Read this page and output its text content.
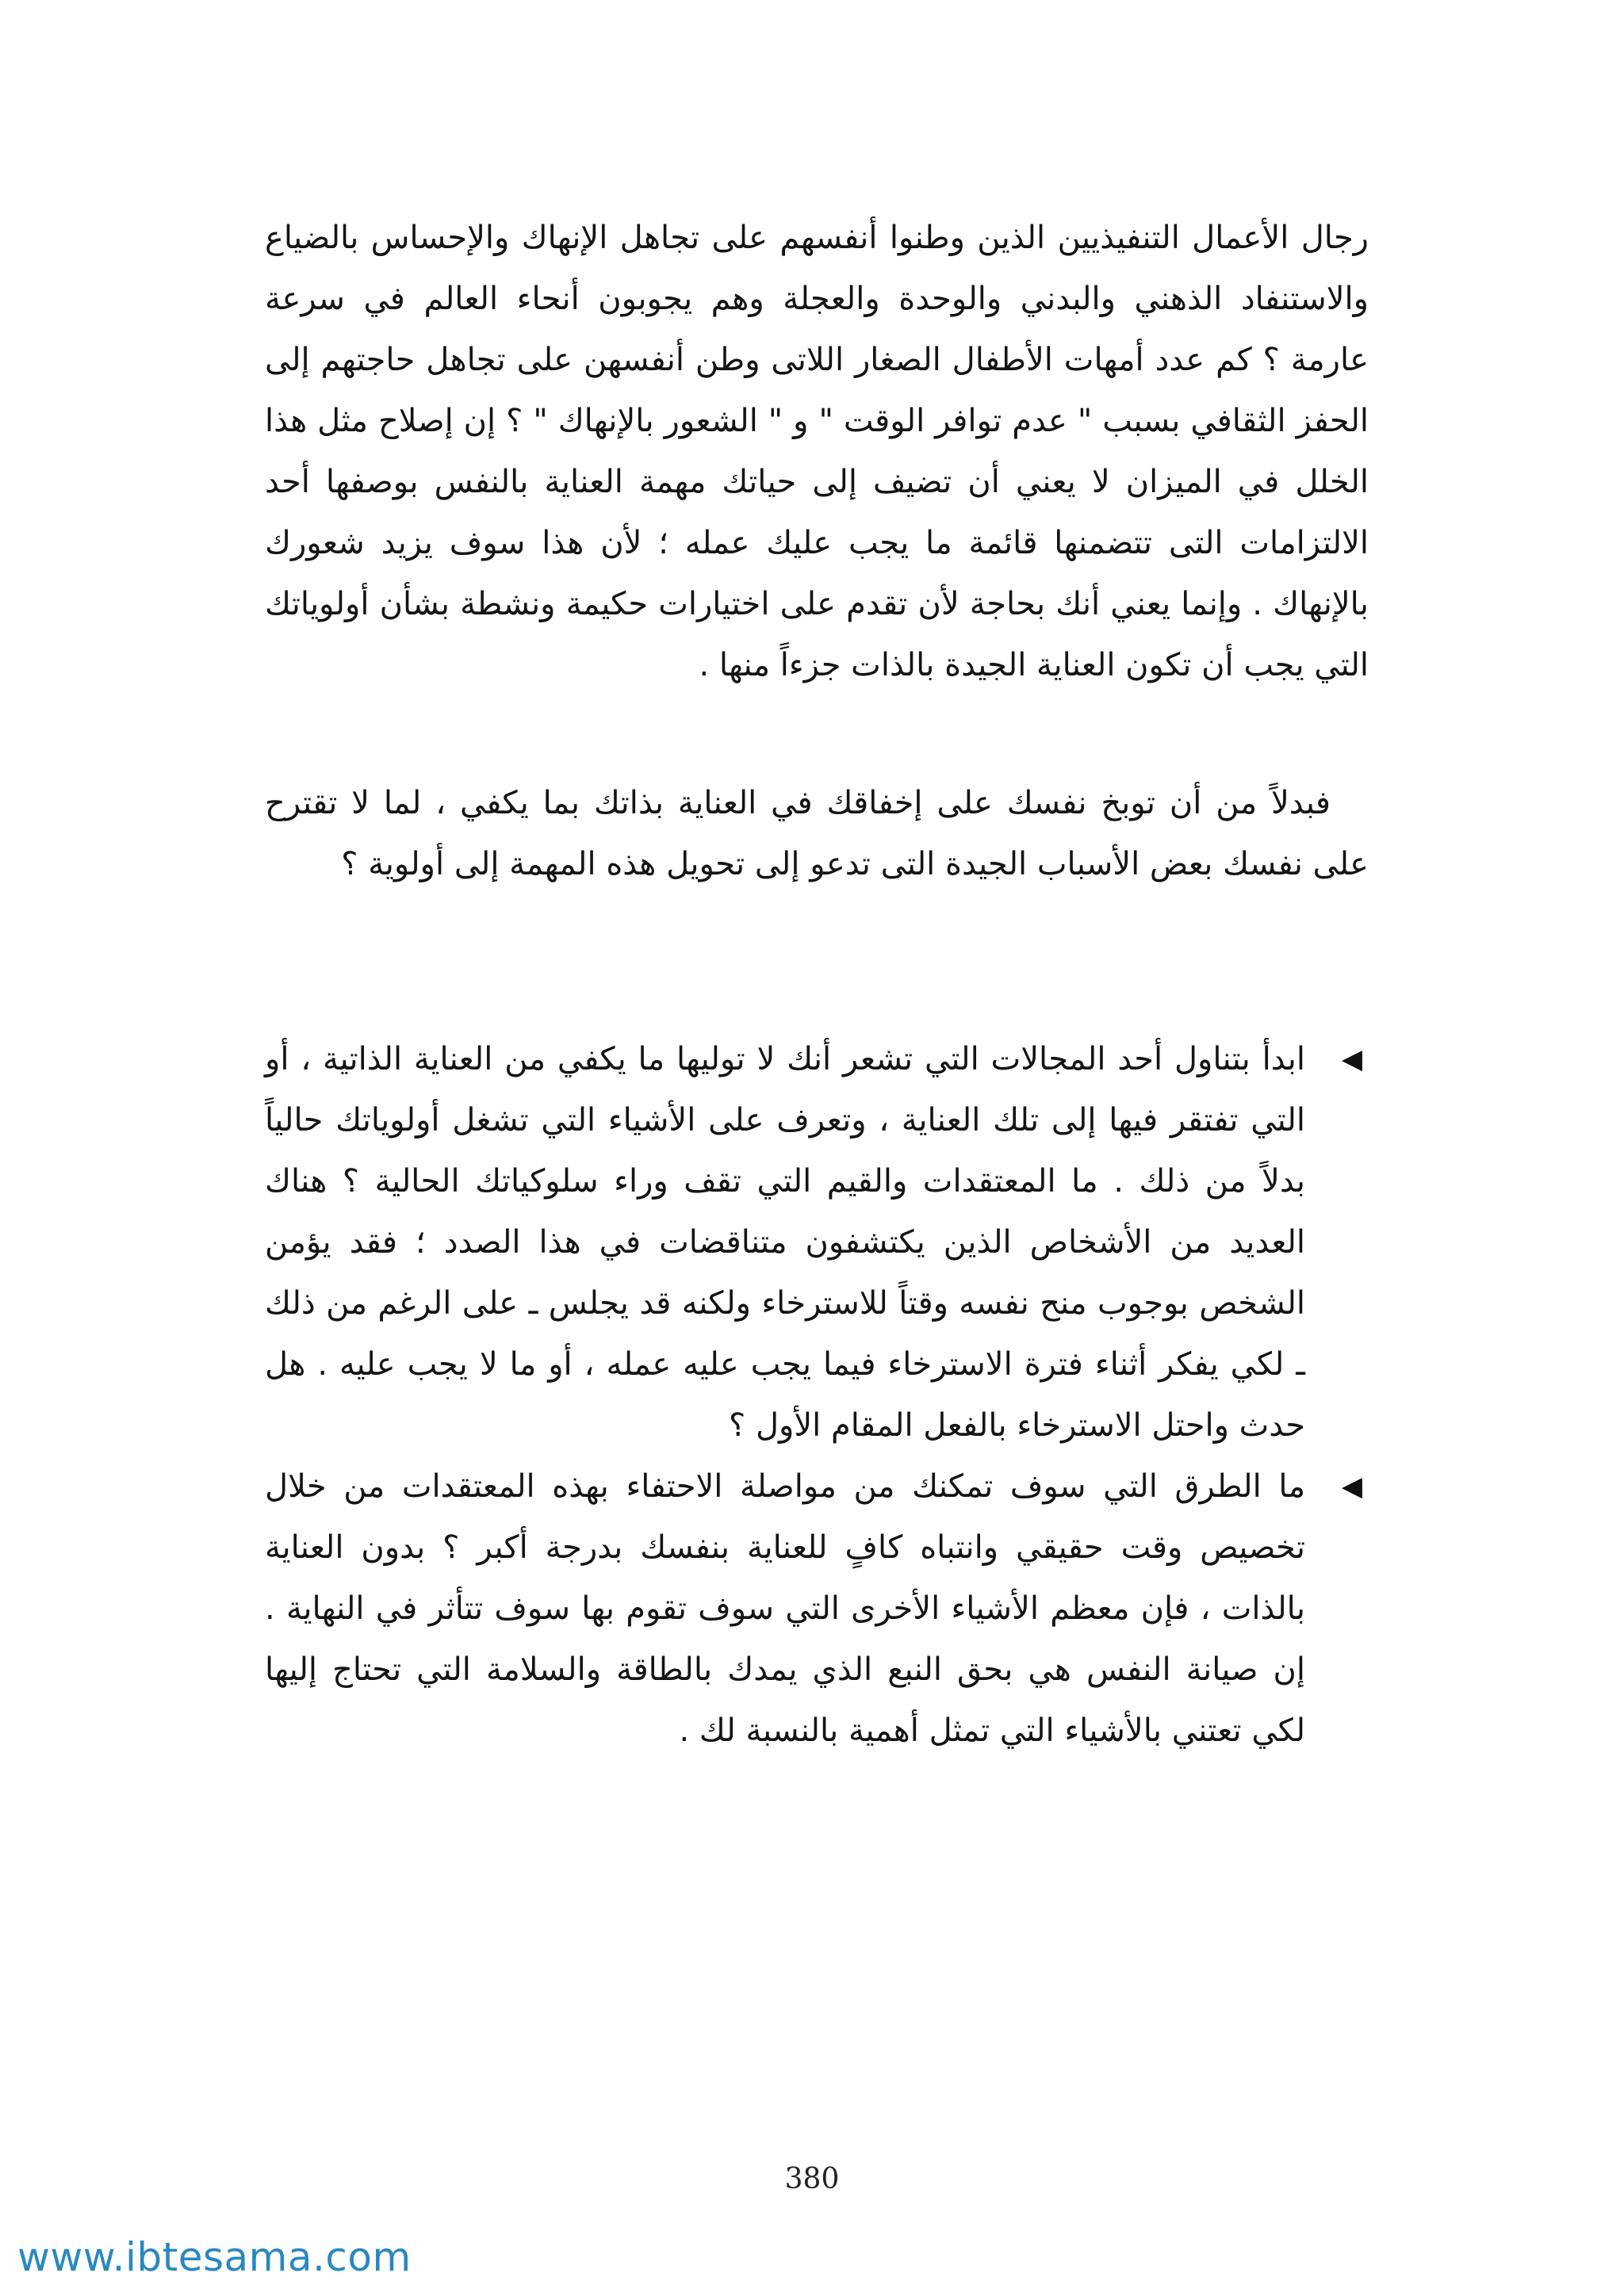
رجال الأعمال التنفيذيين الذين وطنوا أنفسهم على تجاهل الإنهاك والإحساس بالضياع والاستنفاد الذهني والبدني والوحدة والعجلة وهم يجوبون أنحاء العالم في سرعة عارمة ؟ كم عدد أمهات الأطفال الصغار اللاتى وطن أنفسهن على تجاهل حاجتهم إلى الحفز الثقافي بسبب " عدم توافر الوقت " و " الشعور بالإنهاك " ؟ إن إصلاح مثل هذا الخلل في الميزان لا يعني أن تضيف إلى حياتك مهمة العناية بالنفس بوصفها أحد الالتزامات التى تتضمنها قائمة ما يجب عليك عمله ؛ لأن هذا سوف يزيد شعورك بالإنهاك . وإنما يعني أنك بحاجة لأن تقدم على اختيارات حكيمة ونشطة بشأن أولوياتك التي يجب أن تكون العناية الجيدة بالذات جزءاً منها .
فبدلاً من أن توبخ نفسك على إخفاقك في العناية بذاتك بما يكفي ، لما لا تقترح على نفسك بعض الأسباب الجيدة التى تدعو إلى تحويل هذه المهمة إلى أولوية ؟
◀
ابدأ بتناول أحد المجالات التي تشعر أنك لا توليها ما يكفي من العناية الذاتية ، أو التي تفتقر فيها إلى تلك العناية ، وتعرف على الأشياء التي تشغل أولوياتك حالياً بدلاً من ذلك . ما المعتقدات والقيم التي تقف وراء سلوكياتك الحالية ؟ هناك العديد من الأشخاص الذين يكتشفون متناقضات في هذا الصدد ؛ فقد يؤمن الشخص بوجوب منح نفسه وقتاً للاسترخاء ولكنه قد يجلس ـ على الرغم من ذلك ـ لكي يفكر أثناء فترة الاسترخاء فيما يجب عليه عمله ، أو ما لا يجب عليه . هل حدث واحتل الاسترخاء بالفعل المقام الأول ؟
◀
ما الطرق التي سوف تمكنك من مواصلة الاحتفاء بهذه المعتقدات من خلال تخصيص وقت حقيقي وانتباه كافٍ للعناية بنفسك بدرجة أكبر ؟ بدون العناية بالذات ، فإن معظم الأشياء الأخرى التي سوف تقوم بها سوف تتأثر في النهاية . إن صيانة النفس هي بحق النبع الذي يمدك بالطاقة والسلامة التي تحتاج إليها لكي تعتني بالأشياء التي تمثل أهمية بالنسبة لك .
380
www.ibtesama.com
